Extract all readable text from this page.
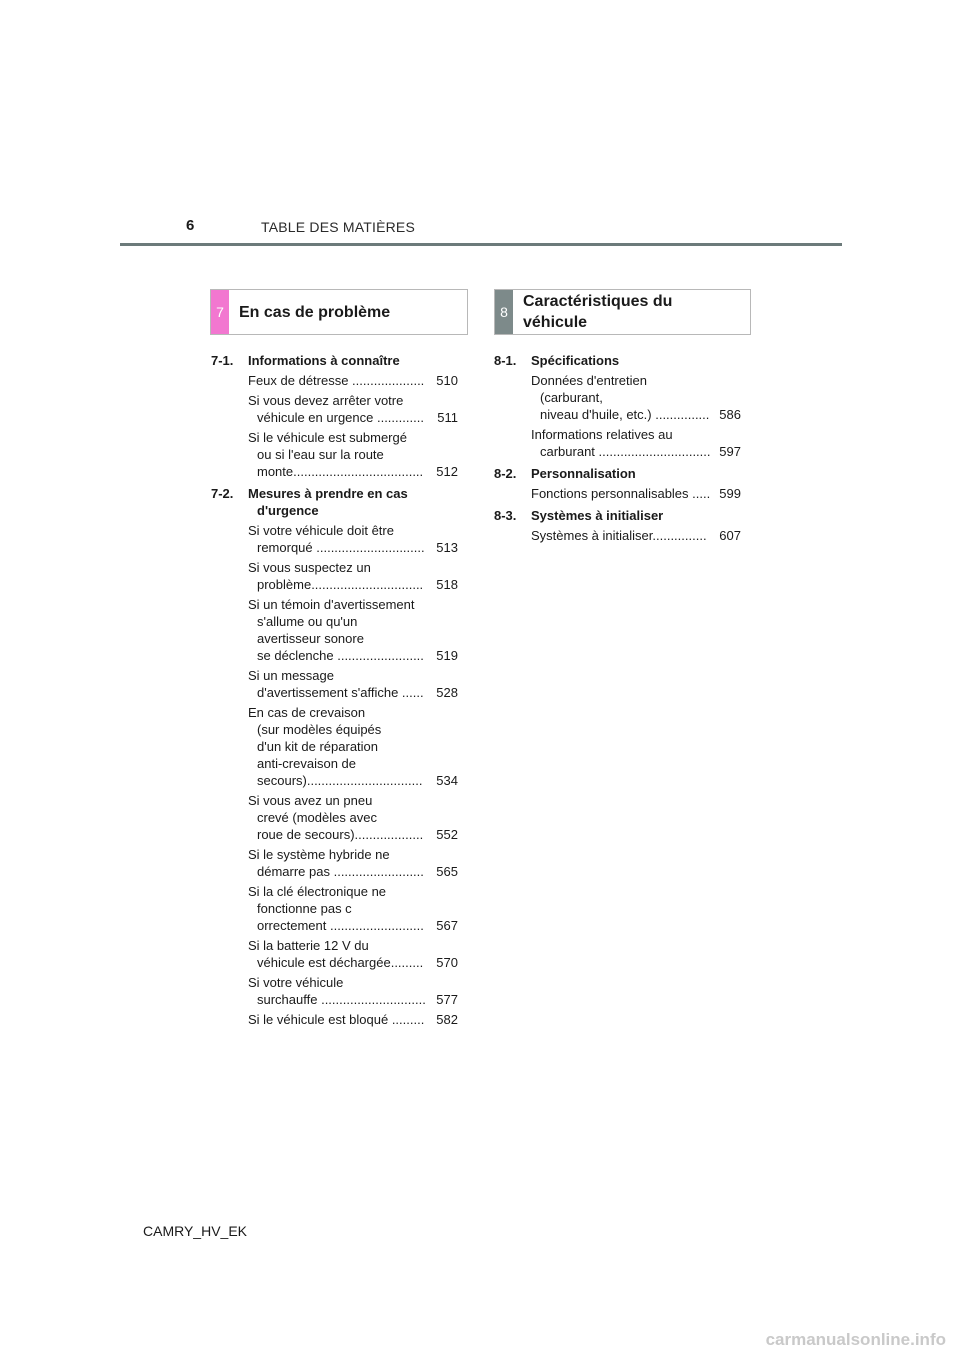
6	TABLE DES MATIÈRES
7 En cas de problème	8
Caractéristiques du
véhicule
7-1. Informations à connaître
Feux de détresse .................... 510
Si vous devez arrêter votre
véhicule en urgence .............	511
Si le véhicule est submergé
ou si l'eau sur la route
monte....................................	512
7-2. Mesures à prendre en cas
d'urgence
Si votre véhicule doit être
remorqué .............................. 513
Si vous suspectez un
problème...............................	518
Si un témoin d'avertissement
s'allume ou qu'un
avertisseur sonore
se déclenche ........................ 519
Si un message
d'avertissement s'affiche ...... 528
En cas de crevaison
(sur modèles équipés
d'un kit de réparation
anti-crevaison de
secours)................................	534
Si vous avez un pneu
crevé (modèles avec
roue de secours)...................	552
Si le système hybride ne
démarre pas ......................... 565
Si la clé électronique ne
fonctionne pas c
orrectement .......................... 567
Si la batterie 12 V du
véhicule est déchargée.........	570
Si votre véhicule
surchauffe ............................. 577
Si le véhicule est bloqué ......... 582
8-1. Spécifications
Données d'entretien
(carburant,
niveau d'huile, etc.) ............... 586
Informations relatives au
carburant ............................... 597
8-2. Personnalisation
Fonctions personnalisables ..... 599
8-3. Systèmes à initialiser
Systèmes à initialiser............... 607
CAMRY_HV_EK
carmanualsonline.info
